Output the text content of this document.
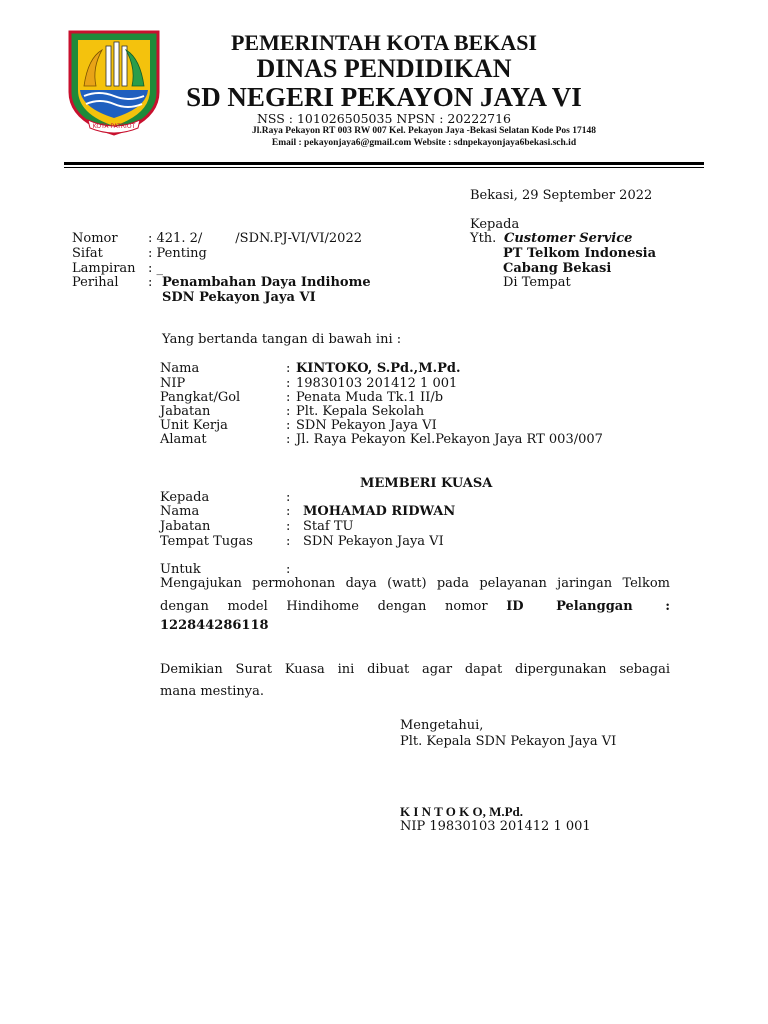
KOTA PATRIOT
PEMERINTAH KOTA BEKASI
DINAS PENDIDIKAN
SD NEGERI PEKAYON JAYA VI
NSS : 101026505035 NPSN : 20222716
Jl.Raya Pekayon RT 003 RW 007 Kel. Pekayon Jaya -Bekasi Selatan Kode Pos 17148
Email : pekayonjaya6@gmail.com Website : sdnpekayonjaya6bekasi.sch.id
Bekasi, 29 September 2022
Kepada
Yth. Customer Service
PT Telkom Indonesia
Cabang Bekasi
Di Tempat
Nomor : 421. 2/        /SDN.PJ-VI/VI/2022
Sifat	: Penting
Lampiran : _
Perihal : Penambahan Daya Indihome
SDN Pekayon Jaya VI
Yang bertanda tangan di bawah ini :
Nama	: KINTOKO, S.Pd.,M.Pd.
NIP	: 19830103 201412 1 001
Pangkat/Gol	: Penata Muda Tk.1 II/b
Jabatan	: Plt. Kepala Sekolah
Unit Kerja	: SDN Pekayon Jaya VI
Alamat	: Jl. Raya Pekayon Kel.Pekayon Jaya RT 003/007
MEMBERI KUASA
Kepada	:
Nama	: MOHAMAD RIDWAN
Jabatan	: Staf TU
Tempat Tugas	: SDN Pekayon Jaya VI
Untuk	:
Mengajukan permohonan daya (watt) pada pelayanan jaringan Telkom
dengan model Hindihome dengan nomor ID Pelanggan :
122844286118
Demikian Surat Kuasa ini dibuat agar dapat dipergunakan sebagai
mana mestinya.
Mengetahui,
Plt. Kepala SDN Pekayon Jaya VI
K I N T O K O, M.Pd.
NIP 19830103 201412 1 001
